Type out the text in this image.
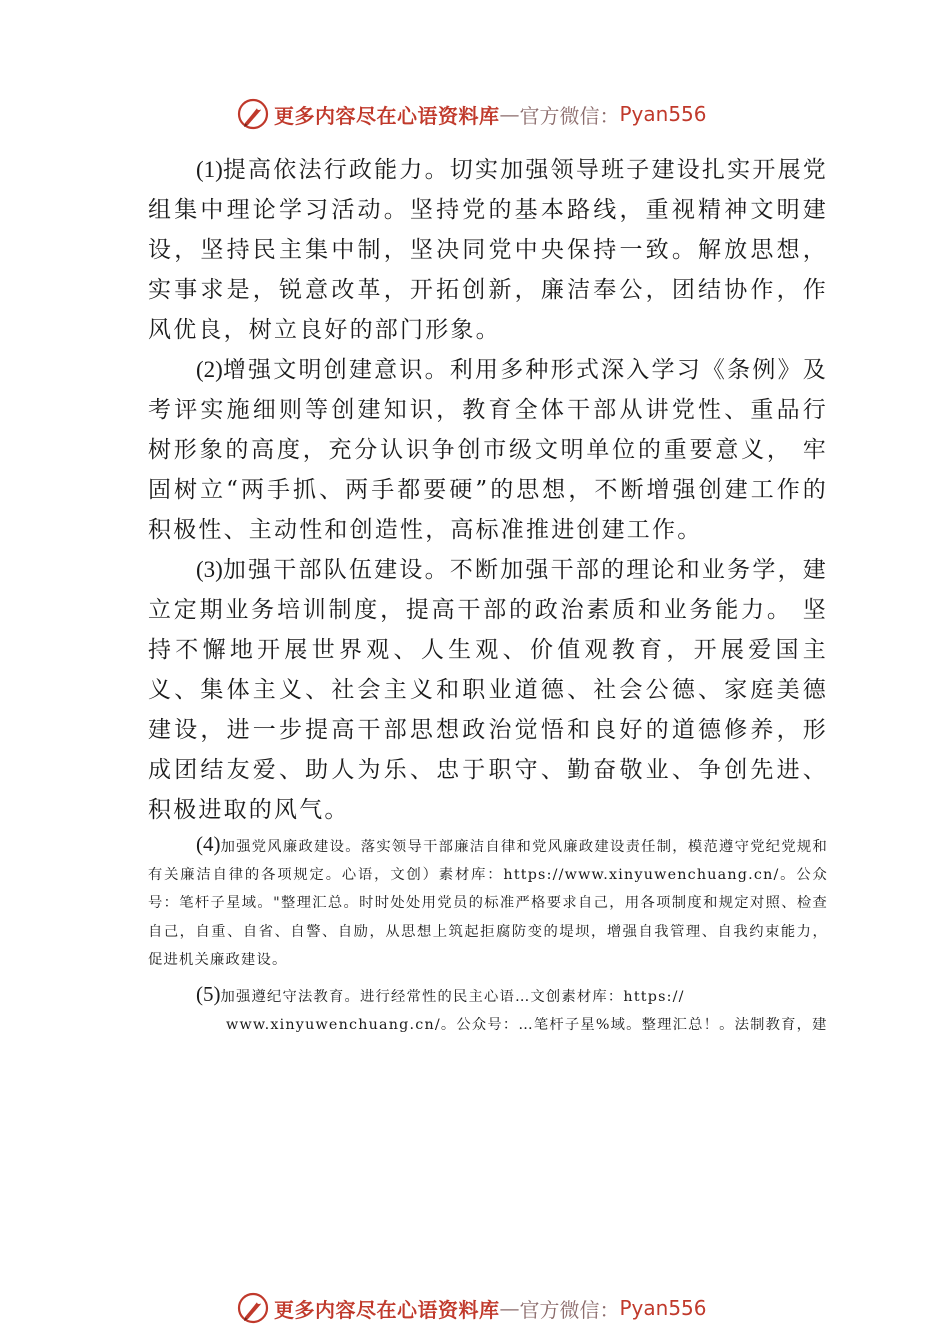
更多内容尽在心语资料库 — 官方微信： Pyan556

(1)提高依法行政能力。切实加强领导班子建设扎实开展党组集中理论学习活动。坚持党的基本路线，重视精神文明建设，坚持民主集中制，坚决同党中央保持一致。解放思想，实事求是，锐意改革，开拓创新，廉洁奉公，团结协作，作风优良，树立良好的部门形象。

(2)增强文明创建意识。利用多种形式深入学习《条例》及考评实施细则等创建知识，教育全体干部从讲党性、重品行树形象的高度，充分认识争创市级文明单位的重要意义， 牢固树立“两手抓、两手都要硬”的思想，不断增强创建工作的积极性、主动性和创造性，高标准推进创建工作。

(3)加强干部队伍建设。不断加强干部的理论和业务学，建立定期业务培训制度，提高干部的政治素质和业务能力。 坚持不懈地开展世界观、人生观、价值观教育，开展爱国主义、集体主义、社会主义和职业道德、社会公德、家庭美德建设，进一步提高干部思想政治觉悟和良好的道德修养，形成团结友爱、助人为乐、忠于职守、勤奋敬业、争创先进、 积极进取的风气。

(4)加强党风廉政建设。落实领导干部廉洁自律和党风廉政建设责任制，模范遵守党纪党规和有关廉洁自律的各项规定。心语，文创）素材库：https://www.xinyuwenchuang.cn/。公众号：笔杆子星域。"整理汇总。时时处处用党员的标准严格要求自己，用各项制度和规定对照、检查自己，自重、自省、自警、自励，从思想上筑起拒腐防变的堤坝，增强自我管理、自我约束能力，促进机关廉政建设。

(5)加强遵纪守法教育。进行经常性的民主心语…文创素材库：https://
www.xinyuwenchuang.cn/。公众号：…笔杆子星%域。整理汇总！。法制教育，建
更多内容尽在心语资料库 — 官方微信： Pyan556
